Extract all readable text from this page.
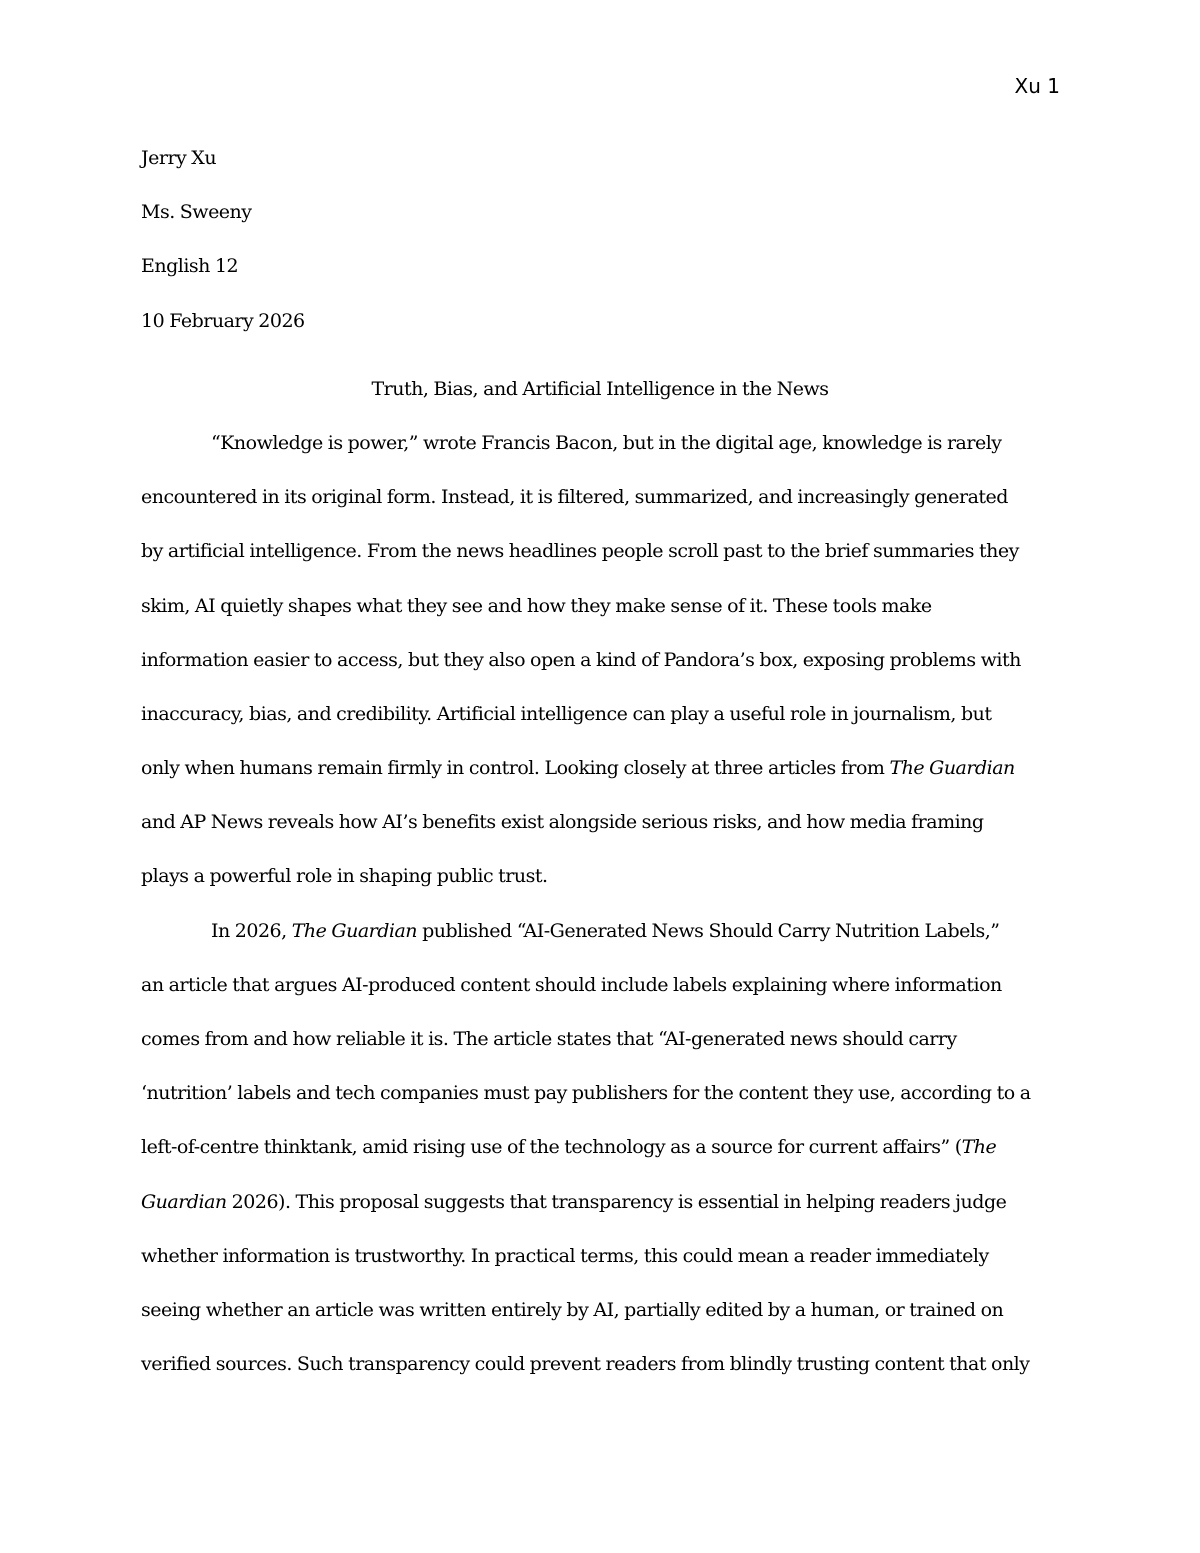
Xu 1
Jerry Xu
Ms. Sweeny
English 12
10 February 2026
Truth, Bias, and Artificial Intelligence in the News
“Knowledge is power,” wrote Francis Bacon, but in the digital age, knowledge is rarely
encountered in its original form. Instead, it is filtered, summarized, and increasingly generated
by artificial intelligence. From the news headlines people scroll past to the brief summaries they
skim, AI quietly shapes what they see and how they make sense of it. These tools make
information easier to access, but they also open a kind of Pandora’s box, exposing problems with
inaccuracy, bias, and credibility. Artificial intelligence can play a useful role in journalism, but
only when humans remain firmly in control. Looking closely at three articles from The Guardian
and AP News reveals how AI’s benefits exist alongside serious risks, and how media framing
plays a powerful role in shaping public trust.
In 2026, The Guardian published “AI-Generated News Should Carry Nutrition Labels,”
an article that argues AI-produced content should include labels explaining where information
comes from and how reliable it is. The article states that “AI-generated news should carry
‘nutrition’ labels and tech companies must pay publishers for the content they use, according to a
left-of-centre thinktank, amid rising use of the technology as a source for current affairs” (The
Guardian 2026). This proposal suggests that transparency is essential in helping readers judge
whether information is trustworthy. In practical terms, this could mean a reader immediately
seeing whether an article was written entirely by AI, partially edited by a human, or trained on
verified sources. Such transparency could prevent readers from blindly trusting content that only
